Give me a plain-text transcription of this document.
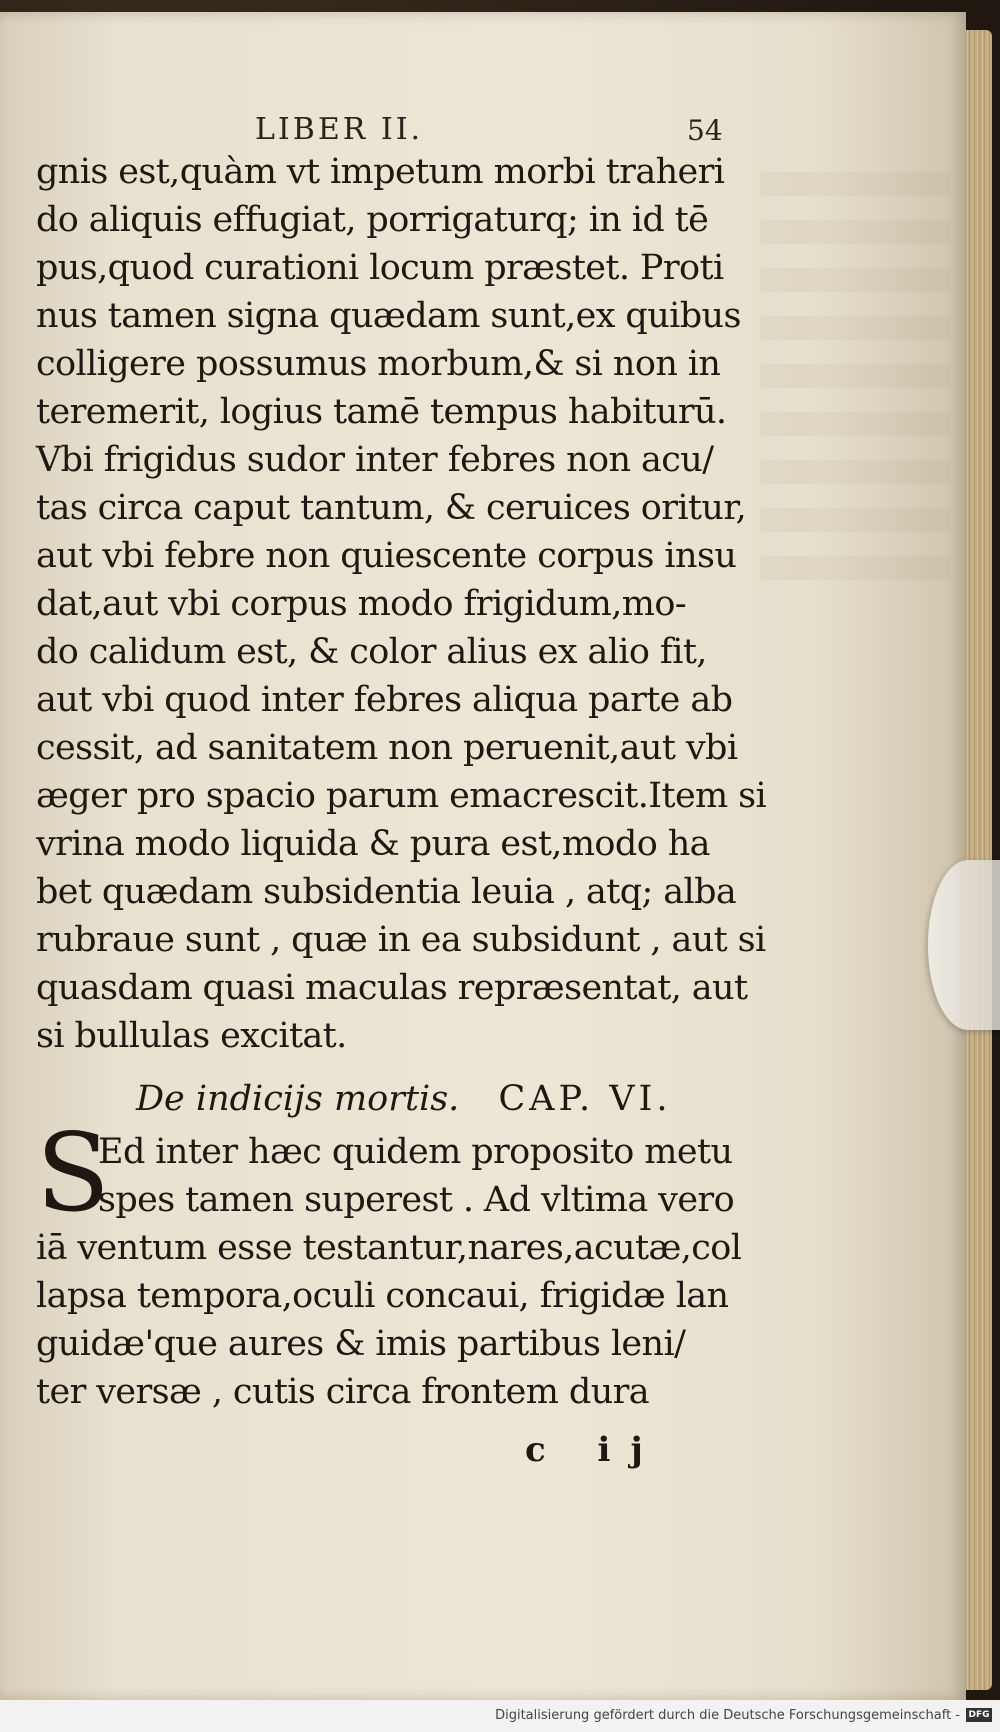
LIBER II.	54
gnis est,quàm vt impetum morbi traheri
do aliquis effugiat, porrigaturq; in id tē
pus,quod curationi locum præstet. Proti
nus tamen signa quædam sunt,ex quibus
colligere possumus morbum,& si non in
teremerit, logius tamē tempus habiturū.
Vbi frigidus sudor inter febres non acu/
tas circa caput tantum, & ceruices oritur,
aut vbi febre non quiescente corpus insu
dat,aut vbi corpus modo frigidum,mo-
do calidum est, & color alius ex alio fit,
aut vbi quod inter febres aliqua parte ab
cessit, ad sanitatem non peruenit,aut vbi
æger pro spacio parum emacrescit.Item si
vrina modo liquida & pura est,modo ha
bet quædam subsidentia leuia , atq; alba
rubraue sunt , quæ in ea subsidunt , aut si
quasdam quasi maculas repræsentat, aut
si bullulas excitat.
De indicijs mortis. CAP. VI.
S
Ed inter hæc quidem proposito metu
spes tamen superest . Ad vltima vero
iā ventum esse testantur,nares,acutæ,col
lapsa tempora,oculi concaui, frigidæ lan
guidæ'que aures & imis partibus leni/
ter versæ , cutis circa frontem dura
c ij
Digitalisierung gefördert durch die Deutsche Forschungsgemeinschaft - DFG
